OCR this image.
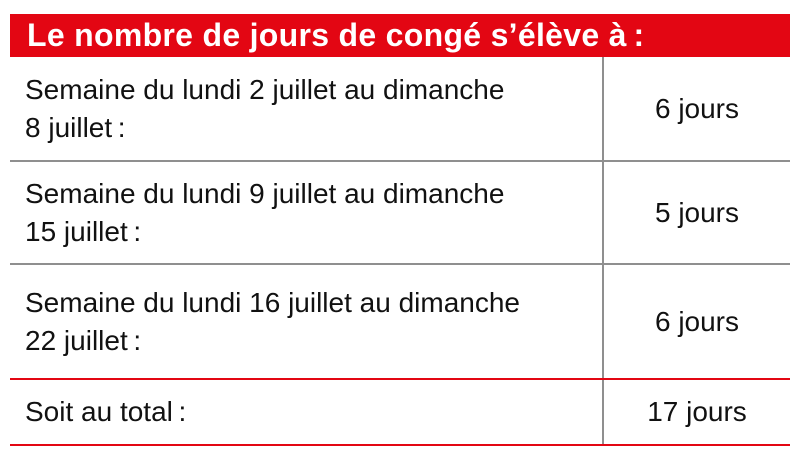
Le nombre de jours de congé s’élève à :
Semaine du lundi 2 juillet au dimanche
8 juillet :
6 jours
Semaine du lundi 9 juillet au dimanche
15 juillet :
5 jours
Semaine du lundi 16 juillet au dimanche
22 juillet :
6 jours
Soit au total :	17 jours
